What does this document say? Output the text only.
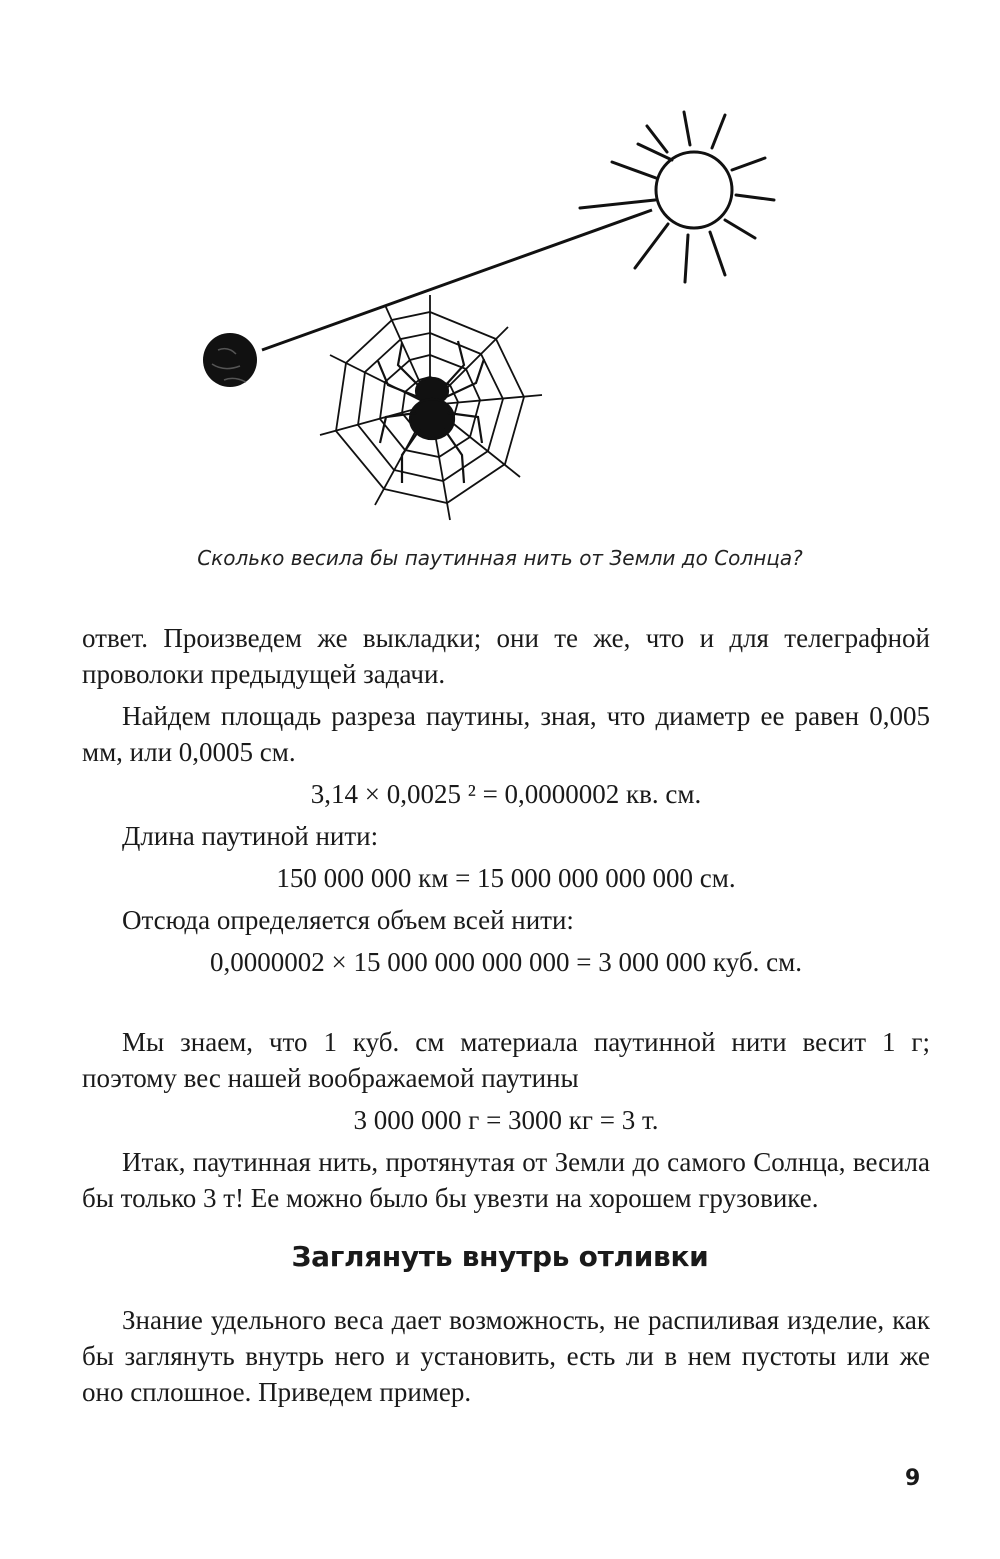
Сколько весила бы паутинная нить от Земли до Солнца?

ответ. Произведем же выкладки; они те же, что и для телеграфной проволоки предыдущей задачи.

Найдем площадь разреза паутины, зная, что диаметр ее равен 0,005 мм, или 0,0005 см.

3,14 × 0,0025 ² = 0,0000002 кв. см.

Длина паутиной нити:

150 000 000 км = 15 000 000 000 000 см.

Отсюда определяется объем всей нити:

0,0000002 × 15 000 000 000 000 = 3 000 000 куб. см.

Мы знаем, что 1 куб. см материала паутинной нити весит 1 г; поэтому вес нашей воображаемой паутины

3 000 000 г = 3000 кг = 3 т.

Итак, паутинная нить, протянутая от Земли до самого Солнца, весила бы только 3 т! Ее можно было бы увезти на хорошем грузовике.

Заглянуть внутрь отливки

Знание удельного веса дает возможность, не распиливая изделие, как бы заглянуть внутрь него и установить, есть ли в нем пустоты или же оно сплошное. Приведем пример.

9
